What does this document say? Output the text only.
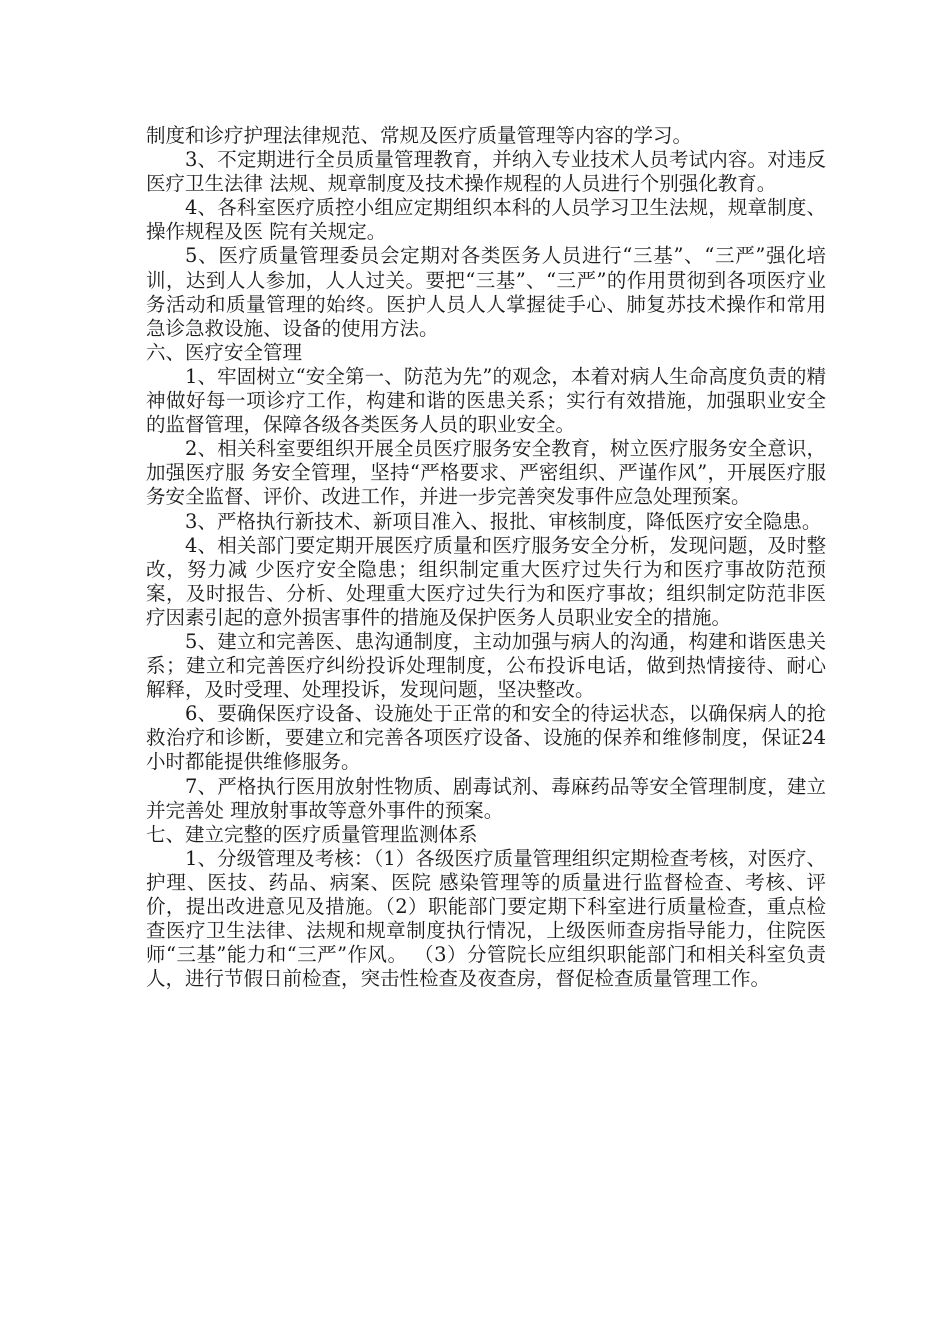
制度和诊疗护理法律规范、常规及医疗质量管理等内容的学习。

3、不定期进行全员质量管理教育，并纳入专业技术人员考试内容。对违反医疗卫生法律 法规、规章制度及技术操作规程的人员进行个别强化教育。

4、各科室医疗质控小组应定期组织本科的人员学习卫生法规，规章制度、操作规程及医 院有关规定。

5、医疗质量管理委员会定期对各类医务人员进行“三基”、“三严”强化培训，达到人人参加，人人过关。要把“三基”、“三严”的作用贯彻到各项医疗业务活动和质量管理的始终。医护人员人人掌握徒手心、肺复苏技术操作和常用急诊急救设施、设备的使用方法。

六、医疗安全管理

1、牢固树立“安全第一、防范为先”的观念，本着对病人生命高度负责的精神做好每一项诊疗工作，构建和谐的医患关系；实行有效措施，加强职业安全的监督管理，保障各级各类医务人员的职业安全。

2、相关科室要组织开展全员医疗服务安全教育，树立医疗服务安全意识，加强医疗服 务安全管理，坚持“严格要求、严密组织、严谨作风”，开展医疗服务安全监督、评价、改进工作，并进一步完善突发事件应急处理预案。

3、严格执行新技术、新项目准入、报批、审核制度，降低医疗安全隐患。

4、相关部门要定期开展医疗质量和医疗服务安全分析，发现问题，及时整改，努力减 少医疗安全隐患；组织制定重大医疗过失行为和医疗事故防范预案，及时报告、分析、处理重大医疗过失行为和医疗事故；组织制定防范非医疗因素引起的意外损害事件的措施及保护医务人员职业安全的措施。

5、建立和完善医、患沟通制度，主动加强与病人的沟通，构建和谐医患关系；建立和完善医疗纠纷投诉处理制度，公布投诉电话，做到热情接待、耐心解释，及时受理、处理投诉，发现问题，坚决整改。

6、要确保医疗设备、设施处于正常的和安全的待运状态，以确保病人的抢救治疗和诊断，要建立和完善各项医疗设备、设施的保养和维修制度，保证24小时都能提供维修服务。

7、严格执行医用放射性物质、剧毒试剂、毒麻药品等安全管理制度，建立并完善处 理放射事故等意外事件的预案。

七、建立完整的医疗质量管理监测体系

1、分级管理及考核：（1）各级医疗质量管理组织定期检查考核，对医疗、护理、医技、药品、病案、医院 感染管理等的质量进行监督检查、考核、评价，提出改进意见及措施。（2）职能部门要定期下科室进行质量检查，重点检查医疗卫生法律、法规和规章制度执行情况，上级医师查房指导能力，住院医师“三基”能力和“三严”作风。 （3）分管院长应组织职能部门和相关科室负责人，进行节假日前检查，突击性检查及夜查房，督促检查质量管理工作。
